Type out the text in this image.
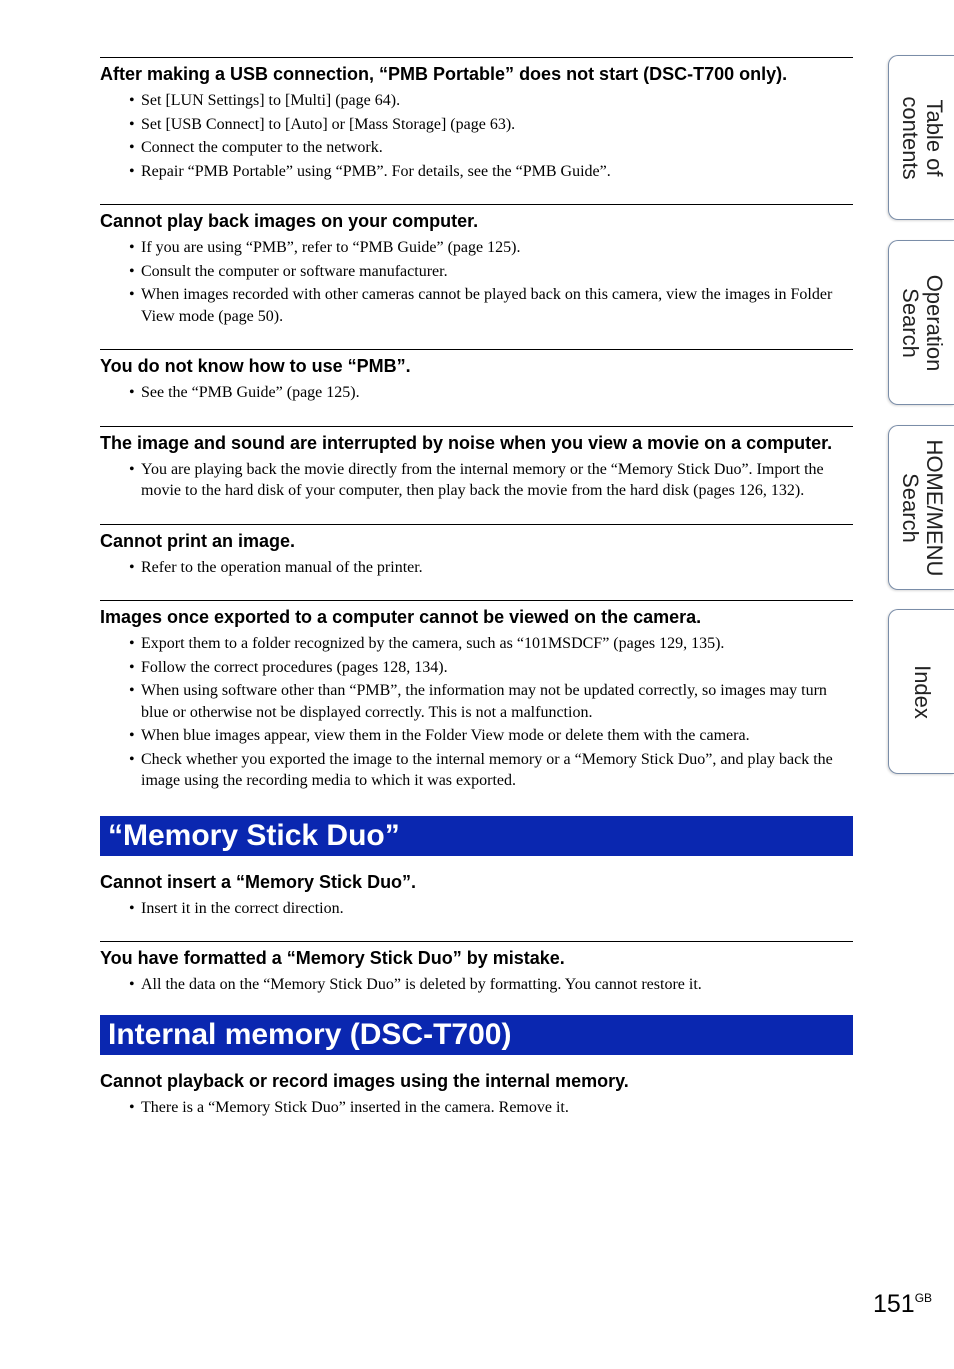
After making a USB connection, “PMB Portable” does not start (DSC-T700 only).
• Set [LUN Settings] to [Multi] (page 64).
• Set [USB Connect] to [Auto] or [Mass Storage] (page 63).
• Connect the computer to the network.
• Repair “PMB Portable” using “PMB”. For details, see the “PMB Guide”.
Cannot play back images on your computer.
• If you are using “PMB”, refer to “PMB Guide” (page 125).
• Consult the computer or software manufacturer.
• When images recorded with other cameras cannot be played back on this camera, view the images in Folder View mode (page 50).
You do not know how to use “PMB”.
• See the “PMB Guide” (page 125).
The image and sound are interrupted by noise when you view a movie on a computer.
• You are playing back the movie directly from the internal memory or the “Memory Stick Duo”. Import the movie to the hard disk of your computer, then play back the movie from the hard disk (pages 126, 132).
Cannot print an image.
• Refer to the operation manual of the printer.
Images once exported to a computer cannot be viewed on the camera.
• Export them to a folder recognized by the camera, such as “101MSDCF” (pages 129, 135).
• Follow the correct procedures (pages 128, 134).
• When using software other than “PMB”, the information may not be updated correctly, so images may turn blue or otherwise not be displayed correctly. This is not a malfunction.
• When blue images appear, view them in the Folder View mode or delete them with the camera.
• Check whether you exported the image to the internal memory or a “Memory Stick Duo”, and play back the image using the recording media to which it was exported.
“Memory Stick Duo”
Cannot insert a “Memory Stick Duo”.
• Insert it in the correct direction.
You have formatted a “Memory Stick Duo” by mistake.
• All the data on the “Memory Stick Duo” is deleted by formatting. You cannot restore it.
Internal memory (DSC-T700)
Cannot playback or record images using the internal memory.
• There is a “Memory Stick Duo” inserted in the camera. Remove it.
Table of
contents
Operation
Search
HOME/MENU
Search
Index
$151^{GB}$
